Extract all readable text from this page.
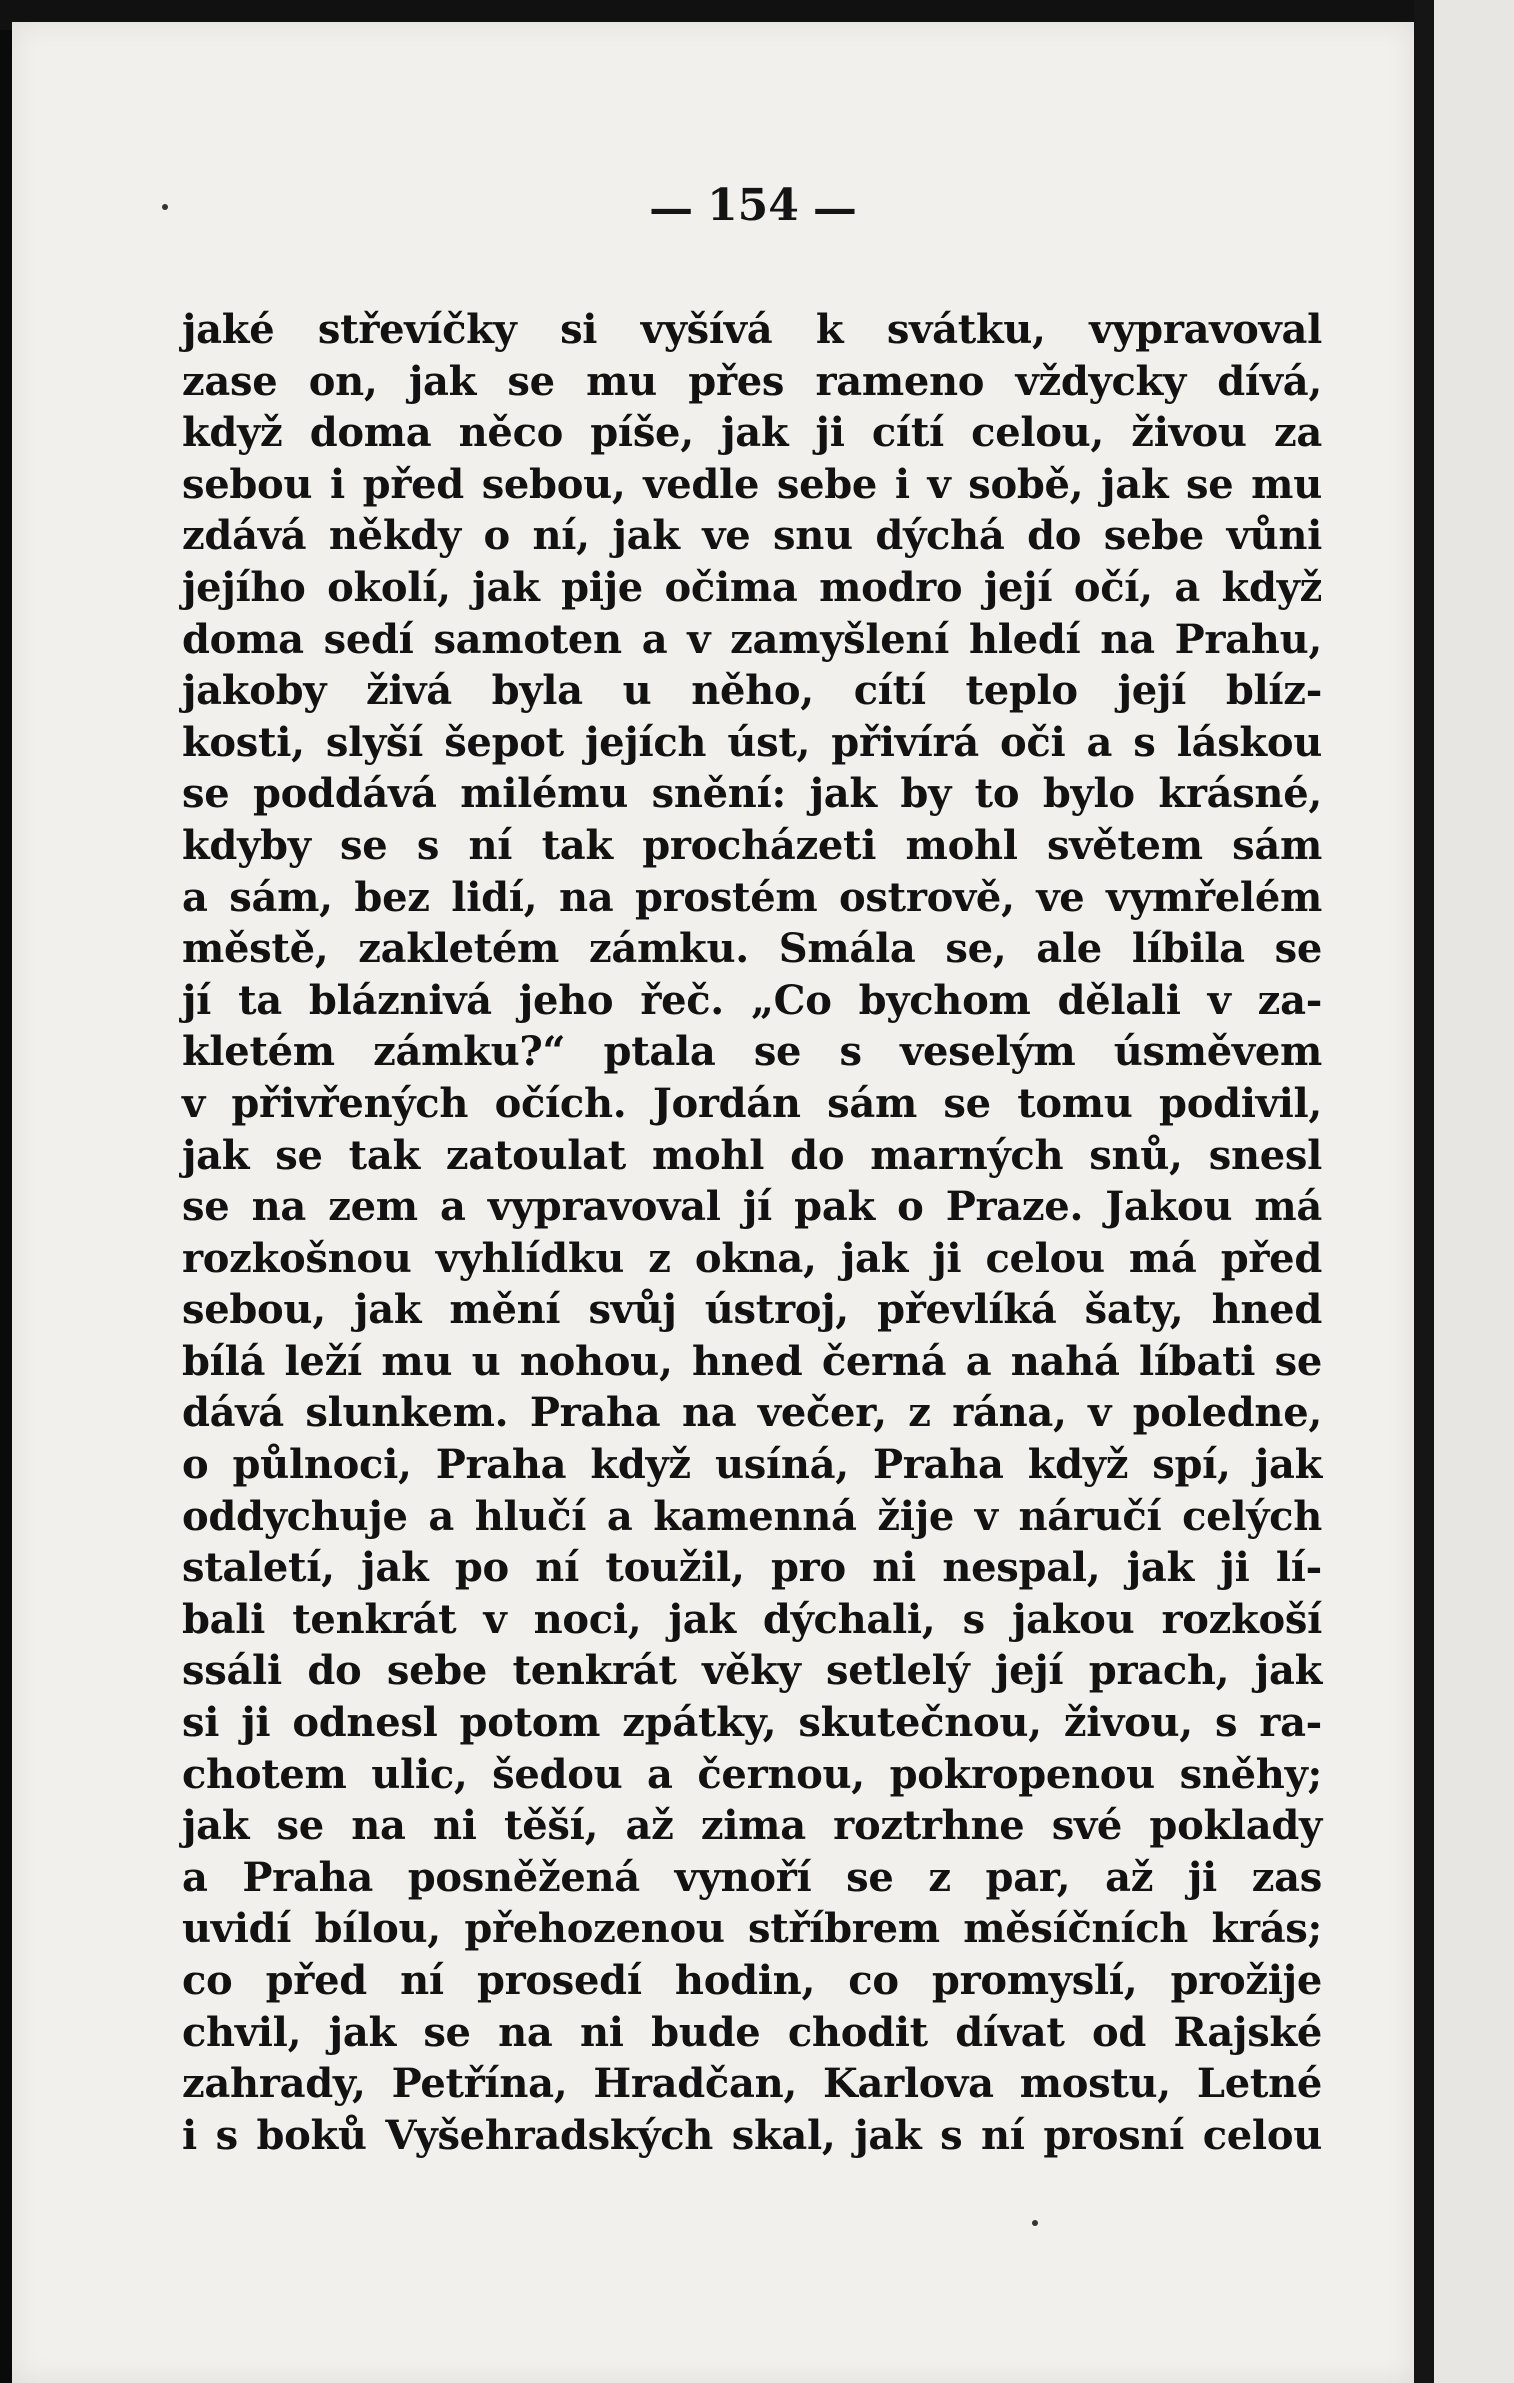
— 154 —
jaké střevíčky si vyšívá k svátku, vypravoval
zase on, jak se mu přes rameno vždycky dívá,
když doma něco píše, jak ji cítí celou, živou za
sebou i před sebou, vedle sebe i v sobě, jak se mu
zdává někdy o ní, jak ve snu dýchá do sebe vůni
jejího okolí, jak pije očima modro její očí, a když
doma sedí samoten a v zamyšlení hledí na Prahu,
jakoby živá byla u něho, cítí teplo její blíz-
kosti, slyší šepot jejích úst, přivírá oči a s láskou
se poddává milému snění: jak by to bylo krásné,
kdyby se s ní tak procházeti mohl světem sám
a sám, bez lidí, na prostém ostrově, ve vymřelém
městě, zakletém zámku. Smála se, ale líbila se
jí ta bláznivá jeho řeč. „Co bychom dělali v za-
kletém zámku?“ ptala se s veselým úsměvem
v přivřených očích. Jordán sám se tomu podivil,
jak se tak zatoulat mohl do marných snů, snesl
se na zem a vypravoval jí pak o Praze. Jakou má
rozkošnou vyhlídku z okna, jak ji celou má před
sebou, jak mění svůj ústroj, převlíká šaty, hned
bílá leží mu u nohou, hned černá a nahá líbati se
dává slunkem. Praha na večer, z rána, v poledne,
o půlnoci, Praha když usíná, Praha když spí, jak
oddychuje a hlučí a kamenná žije v náručí celých
staletí, jak po ní toužil, pro ni nespal, jak ji lí-
bali tenkrát v noci, jak dýchali, s jakou rozkoší
ssáli do sebe tenkrát věky setlelý její prach, jak
si ji odnesl potom zpátky, skutečnou, živou, s ra-
chotem ulic, šedou a černou, pokropenou sněhy;
jak se na ni těší, až zima roztrhne své poklady
a Praha posněžená vynoří se z par, až ji zas
uvidí bílou, přehozenou stříbrem měsíčních krás;
co před ní prosedí hodin, co promyslí, prožije
chvil, jak se na ni bude chodit dívat od Rajské
zahrady, Petřína, Hradčan, Karlova mostu, Letné
i s boků Vyšehradských skal, jak s ní prosní celou
